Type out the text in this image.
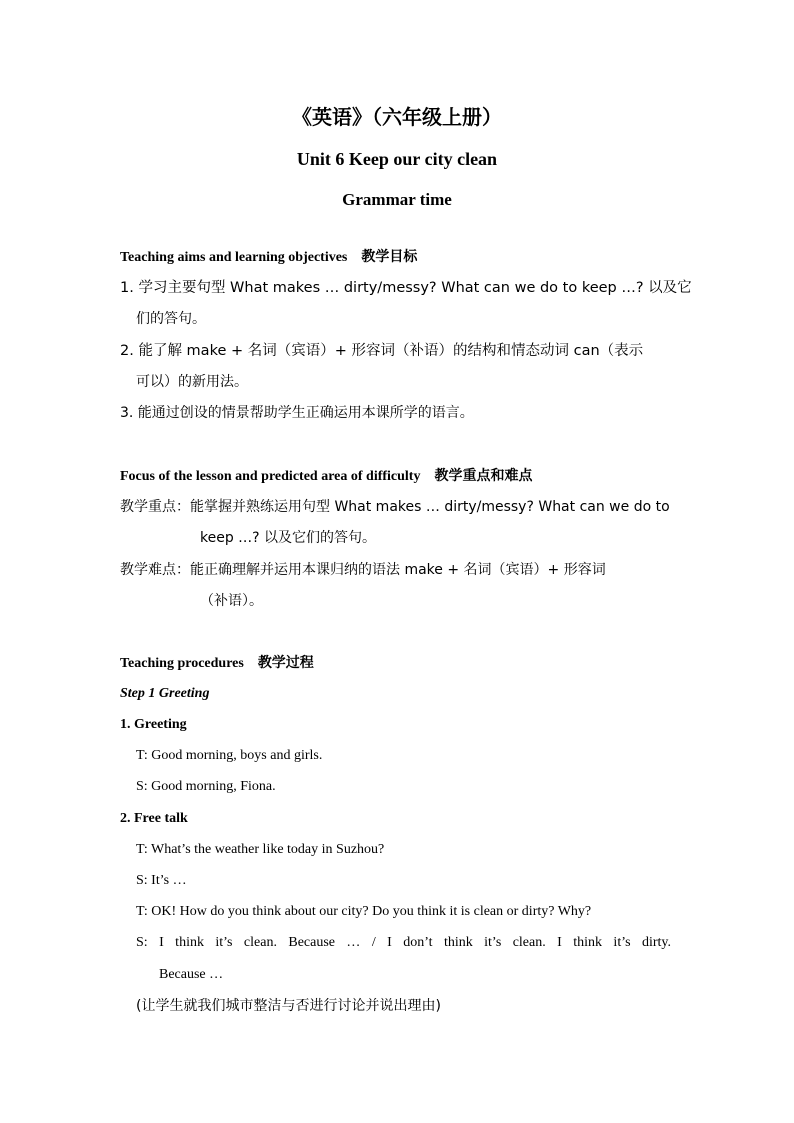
《英语》（六年级上册）
Unit 6 Keep our city clean
Grammar time
Teaching aims and learning objectives 教学目标
1. 学习主要句型 What makes … dirty/messy? What can we do to keep …? 以及它
们的答句。
2. 能了解 make + 名词（宾语）+ 形容词（补语）的结构和情态动词 can（表示
可以）的新用法。
3. 能通过创设的情景帮助学生正确运用本课所学的语言。
Focus of the lesson and predicted area of difficulty 教学重点和难点
教学重点：能掌握并熟练运用句型 What makes … dirty/messy? What can we do to
keep …? 以及它们的答句。
教学难点：能正确理解并运用本课归纳的语法 make + 名词（宾语）+ 形容词
（补语）。
Teaching procedures 教学过程
Step 1 Greeting
1. Greeting
T: Good morning, boys and girls.
S: Good morning, Fiona.
2. Free talk
T: What’s the weather like today in Suzhou?
S: It’s …
T: OK! How do you think about our city? Do you think it is clean or dirty? Why?
S: I think it’s clean. Because … / I don’t think it’s clean. I think it’s dirty.
Because …
(让学生就我们城市整洁与否进行讨论并说出理由)
